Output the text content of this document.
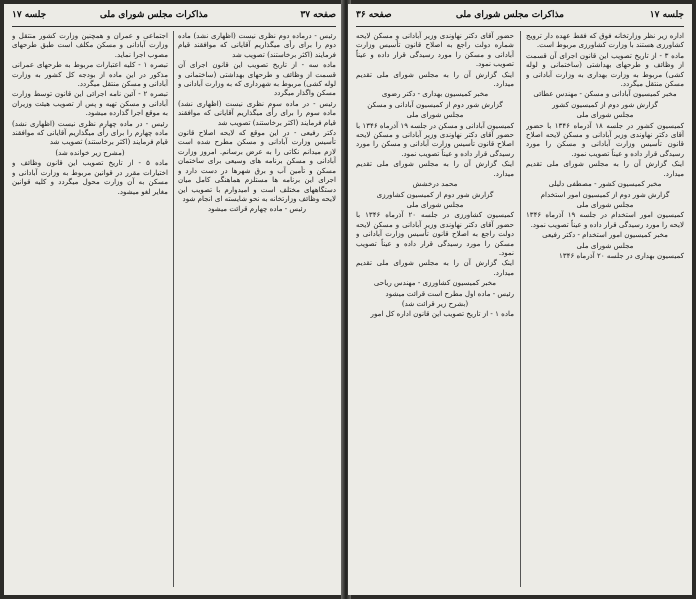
صفحه ۳۷
مذاکرات مجلس شورای ملی
جلسه ۱۷

رئیس - درماده دوم نظری نیست (اظهاری نشد) ماده دوم را برای رأی میگذاریم آقایانی که موافقند قیام فرمایند (اکثر برخاستند) تصویب شد

ماده سه - از تاریخ تصویب این قانون اجرای آن قسمت از وظائف و طرحهای بهداشتی (ساختمانی و لوله کشی) مربوط به شهرداری که به وزارت آبادانی و مسکن واگذار میگردد

رئیس - در ماده سوم نظری نیست (اظهاری نشد) ماده سوم را برای رأی میگذاریم آقایانی که موافقند قیام فرمایند (اکثر برخاستند) تصویب شد

دکتر رفیعی - در این موقع که لایحه اصلاح قانون تأسیس وزارت آبادانی و مسکن مطرح شده است لازم میدانم نکاتی را به عرض برسانم. امروز وزارت آبادانی و مسکن برنامه های وسیعی برای ساختمان مسکن و تأمین آب و برق شهرها در دست دارد و اجرای این برنامه ها مستلزم هماهنگی کامل میان دستگاههای مختلف است و امیدوارم با تصویب این لایحه وظائف وزارتخانه به نحو شایسته ای انجام شود

رئیس - ماده چهارم قرائت میشود

اجتماعی و عمران و همچنین وزارت کشور منتقل و وزارت آبادانی و مسکن مکلف است طبق طرحهای مصوب اجرا نماید.

تبصره ۱ - کلیه اعتبارات مربوط به طرحهای عمرانی مذکور در این ماده از بودجه کل کشور به وزارت آبادانی و مسکن منتقل میگردد.

تبصره ۲ - آئین نامه اجرائی این قانون توسط وزارت آبادانی و مسکن تهیه و پس از تصویب هیئت وزیران به موقع اجرا گذارده میشود.

رئیس - در ماده چهارم نظری نیست (اظهاری نشد) ماده چهارم را برای رأی میگذاریم آقایانی که موافقند قیام فرمایند (اکثر برخاستند) تصویب شد

(مشرح زیر خوانده شد)

ماده ۵ - از تاریخ تصویب این قانون وظائف و اختیارات مقرر در قوانین مربوط به وزارت آبادانی و مسکن به آن وزارت محول میگردد و کلیه قوانین مغایر لغو میشود.

صفحه ۳۶	مذاکرات مجلس شورای ملی	جلسه ۱۷

اداره زیر نظر وزارتخانه فوق که فقط عهده دار ترویج کشاورزی هستند با وزارت کشاورزی مربوط است.

ماده ۳ - از تاریخ تصویب این قانون اجرای آن قسمت از وظائف و طرحهای بهداشتی (ساختمانی و لوله کشی) مربوط به وزارت بهداری به وزارت آبادانی و مسکن منتقل میگردد.

مخبر کمیسیون آبادانی و مسکن - مهندس عطائی

گزارش شور دوم از کمیسیون کشور

مجلس شورای ملی

کمیسیون کشور در جلسه ۱۸ آذرماه ۱۳۴۶ با حضور آقای دکتر نهاوندی وزیر آبادانی و مسکن لایحه اصلاح قانون تأسیس وزارت آبادانی و مسکن را مورد رسیدگی قرار داده و عیناً تصویب نمود.

اینک گزارش آن را به مجلس شورای ملی تقدیم میدارد.

مخبر کمیسیون کشور - مصطفی دلیلی

گزارش شور دوم از کمیسیون امور استخدام

مجلس شورای ملی

کمیسیون امور استخدام در جلسه ۱۹ آذرماه ۱۳۴۶ لایحه را مورد رسیدگی قرار داده و عیناً تصویب نمود.

مخبر کمیسیون امور استخدام - دکتر رفیعی

مجلس شورای ملی

کمیسیون بهداری در جلسه ۲۰ آذرماه ۱۳۴۶

حضور آقای دکتر نهاوندی وزیر آبادانی و مسکن لایحه شماره دولت راجع به اصلاح قانون تأسیس وزارت آبادانی و مسکن را مورد رسیدگی قرار داده و عیناً تصویب نمود.

اینک گزارش آن را به مجلس شورای ملی تقدیم میدارد.

مخبر کمیسیون بهداری - دکتر رضوی

گزارش شور دوم از کمیسیون آبادانی و مسکن

مجلس شورای ملی

کمیسیون آبادانی و مسکن در جلسه ۱۹ آذرماه ۱۳۴۶ با حضور آقای دکتر نهاوندی وزیر آبادانی و مسکن لایحه اصلاح قانون تأسیس وزارت آبادانی و مسکن را مورد رسیدگی قرار داده و عیناً تصویب نمود.

اینک گزارش آن را به مجلس شورای ملی تقدیم میدارد.

محمد درخشش

گزارش شور دوم از کمیسیون کشاورزی

مجلس شورای ملی

کمیسیون کشاورزی در جلسه ۲۰ آذرماه ۱۳۴۶ با حضور آقای دکتر نهاوندی وزیر آبادانی و مسکن لایحه دولت راجع به اصلاح قانون تأسیس وزارت آبادانی و مسکن را مورد رسیدگی قرار داده و عیناً تصویب نمود.

اینک گزارش آن را به مجلس شورای ملی تقدیم میدارد.

مخبر کمیسیون کشاورزی - مهندس ریاحی

رئیس - ماده اول مطرح است قرائت میشود

(بشرح زیر قرائت شد)

ماده ۱ - از تاریخ تصویب این قانون اداره کل امور
